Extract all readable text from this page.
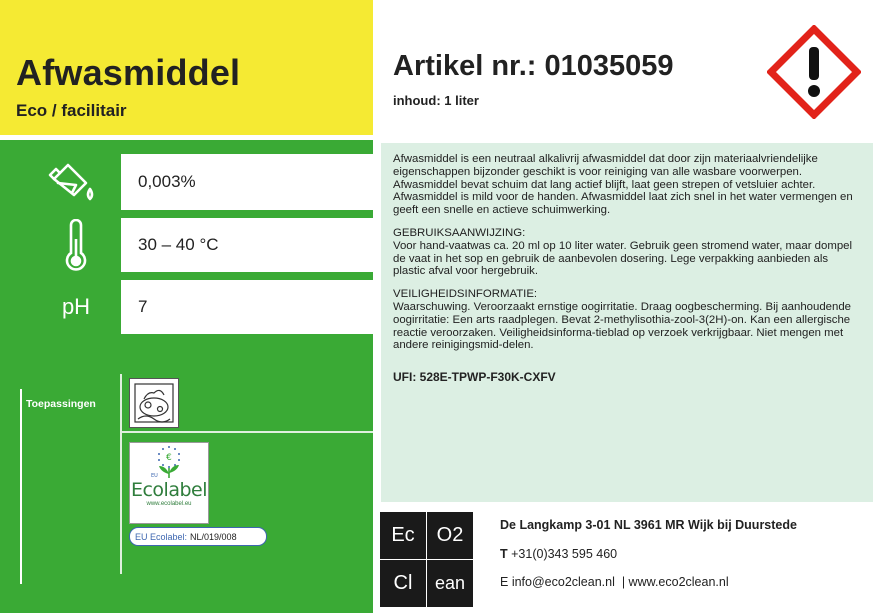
Afwasmiddel
Eco / facilitair
0,003%
30 – 40 °C
pH	7
Toepassingen
€
EU
Ecolabel
www.ecolabel.eu
EU Ecolabel: NL/019/008
Artikel nr.: 01035059
inhoud: 1 liter

Afwasmiddel is een neutraal alkalivrij afwasmiddel dat door zijn materiaalvriendelijke eigenschappen bijzonder geschikt is voor reiniging van alle wasbare voorwerpen. Afwasmiddel bevat schuim dat lang actief blijft, laat geen strepen of vetsluier achter. Afwasmiddel is mild voor de handen. Afwasmiddel laat zich snel in het water vermengen en geeft een snelle en actieve schuimwerking.

GEBRUIKSAANWIJZING:

Voor hand-vaatwas ca. 20 ml op 10 liter water. Gebruik geen stromend water, maar dompel de vaat in het sop en gebruik de aanbevolen dosering. Lege verpakking aanbieden als plastic afval voor hergebruik.

VEILIGHEIDSINFORMATIE:

Waarschuwing. Veroorzaakt ernstige oogirritatie. Draag oogbescherming. Bij aanhoudende oogirritatie: Een arts raadplegen. Bevat 2-methylisothia-zool-3(2H)-on. Kan een allergische reactie veroorzaken. Veiligheidsinforma-tieblad op verzoek verkrijgbaar. Niet mengen met andere reinigingsmid-delen.

UFI: 528E-TPWP-F30K-CXFV
Ec	O2
Cl	ean
De Langkamp 3-01 NL 3961 MR Wijk bij Duurstede
T +31(0)343 595 460
E info@eco2clean.nl | www.eco2clean.nl
